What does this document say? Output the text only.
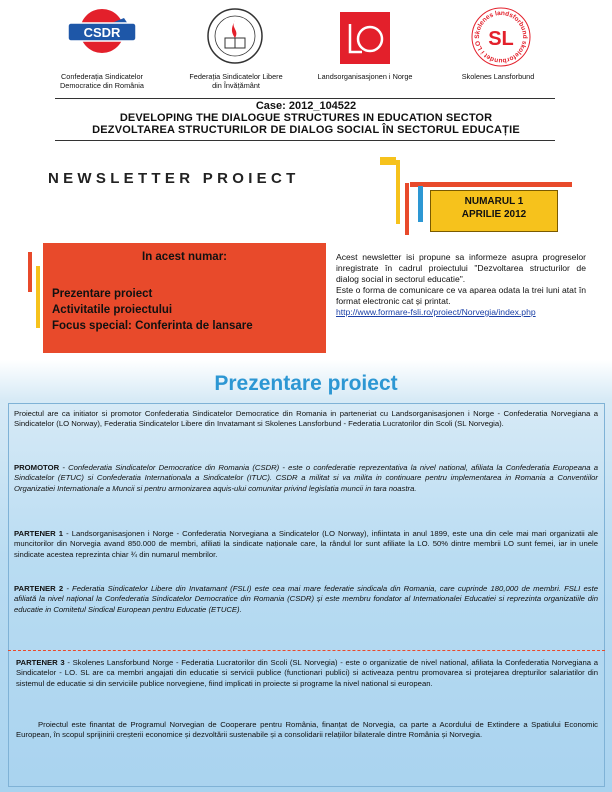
CSDR	Skolenes landsforbund
skoleforbundet i LO SL
Confederația Sindicatelor
Democratice din România
Federația Sindicatelor Libere
din Învățământ
Landsorganisasjonen i Norge	Skolenes Lansforbund
Case: 2012_104522
DEVELOPING THE DIALOGUE STRUCTURES IN EDUCATION SECTOR
DEZVOLTAREA STRUCTURILOR DE DIALOG SOCIAL ÎN SECTORUL EDUCAȚIE
NEWSLETTER PROIECT
NUMARUL 1
APRILIE 2012
In acest numar:
Prezentare proiect
Activitatile proiectului
Focus special: Conferinta de lansare

Acest newsletter isi propune sa informeze asupra progreselor inregistrate în cadrul proiectului "Dezvoltarea structurilor de dialog social in sectorul educatie".

Este o forma de comunicare ce va aparea odata la trei luni atat în format electronic cat și printat.

http://www.formare-fsli.ro/proiect/Norvegia/index.php

Prezentare proiect

Proiectul are ca initiator si promotor Confederatia Sindicatelor Democratice din Romania in parteneriat cu Landsorganisasjonen i Norge - Confederatia Norvegiana a Sindicatelor (LO Norway), Federatia Sindicatelor Libere din Invatamant si Skolenes Lansforbund - Federatia Lucratorilor din Scoli (SL Norvegia).

PROMOTOR - Confederatia Sindicatelor Democratice din Romania (CSDR) - este o confederatie reprezentativa la nivel national, afiliata la Confederatia Europeana a Sindicatelor (ETUC) si Confederatia Internationala a Sindicatelor (ITUC). CSDR a militat si va milita in continuare pentru implementarea in Romania a Conventiilor Organizatiei Internationale a Muncii si pentru armonizarea aquis-ului comunitar privind legislatia muncii in tara noastra.

PARTENER 1 - Landsorganisasjonen i Norge - Confederatia Norvegiana a Sindicatelor (LO Norway), infiintata in anul 1899, este una din cele mai mari organizatii ale muncitorilor din Norvegia avand 850.000 de membri, afiliati la sindicate naționale care, la rândul lor sunt afiliate la LO. 50% dintre membrii LO sunt femei, iar in unele sindicate acestea reprezinta chiar ¾ din numarul membrilor.

PARTENER 2 - Federatia Sindicatelor Libere din Invatamant (FSLI) este cea mai mare federatie sindicala din Romania, care cuprinde 180,000 de membri. FSLI este afiliată la nivel național la Confederatia Sindicatelor Democratice din Romania (CSDR) și este membru fondator al Internationalei Educatiei si reprezinta organizatiile din educatie in Comitetul Sindical European pentru Educatie (ETUCE).

PARTENER 3 - Skolenes Lansforbund Norge - Federatia Lucratorilor din Scoli (SL Norvegia) - este o organizatie de nivel national, afiliata la Confederatia Norvegiana a Sindicatelor - LO. SL are ca membri angajati din educatie si servicii publice (functionari publici) si activeaza pentru promovarea si protejarea drepturilor salariatilor din sistemul de educatie si din serviciile publice norvegiene, fiind implicati in proiecte si programe la nivel national si european.

Proiectul este finantat de Programul Norvegian de Cooperare pentru România, finanțat de Norvegia, ca parte a Acordului de Extindere a Spatiului Economic European, în scopul sprijinirii creșterii economice și dezvoltării sustenabile și a consolidarii relațiilor bilaterale dintre România și Norvegia.
